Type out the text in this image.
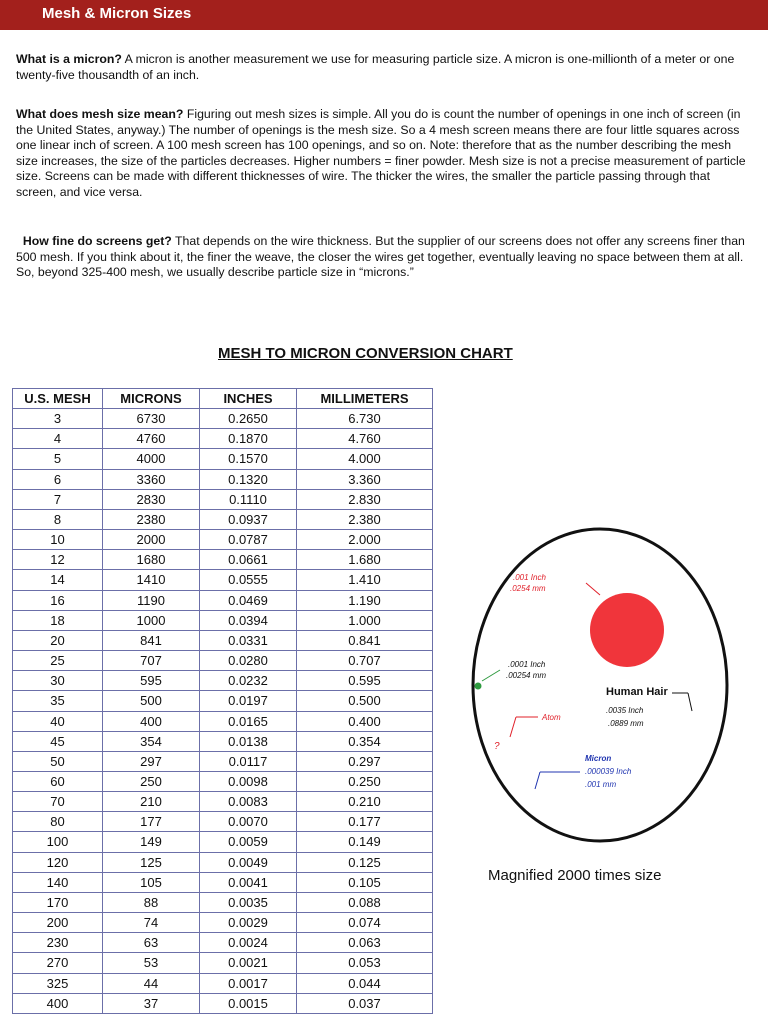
Mesh & Micron Sizes

What is a micron? A micron is another measurement we use for measuring particle size. A micron is one-millionth of a meter or one twenty-five thousandth of an inch.

What does mesh size mean? Figuring out mesh sizes is simple. All you do is count the number of openings in one inch of screen (in the United States, anyway.) The number of openings is the mesh size. So a 4 mesh screen means there are four little squares across one linear inch of screen. A 100 mesh screen has 100 openings, and so on. Note: therefore that as the number describing the mesh size increases, the size of the particles decreases. Higher numbers = finer powder. Mesh size is not a precise measurement of particle size. Screens can be made with different thicknesses of wire. The thicker the wires, the smaller the particle passing through that screen, and vice versa.

How fine do screens get? That depends on the wire thickness. But the supplier of our screens does not offer any screens finer than 500 mesh. If you think about it, the finer the weave, the closer the wires get together, eventually leaving no space between them at all. So, beyond 325-400 mesh, we usually describe particle size in “microns.”

MESH TO MICRON CONVERSION CHART
U.S. MESH	MICRONS	INCHES	MILLIMETERS
3	6730	0.2650	6.730
4	4760	0.1870	4.760
5	4000	0.1570	4.000
6	3360	0.1320	3.360
7	2830	0.1110	2.830
8	2380	0.0937	2.380
10	2000	0.0787	2.000
12	1680	0.0661	1.680
14	1410	0.0555	1.410
16	1190	0.0469	1.190
18	1000	0.0394	1.000
20	841	0.0331	0.841
25	707	0.0280	0.707
30	595	0.0232	0.595
35	500	0.0197	0.500
40	400	0.0165	0.400
45	354	0.0138	0.354
50	297	0.0117	0.297
60	250	0.0098	0.250
70	210	0.0083	0.210
80	177	0.0070	0.177
100	149	0.0059	0.149
120	125	0.0049	0.125
140	105	0.0041	0.105
170	88	0.0035	0.088
200	74	0.0029	0.074
230	63	0.0024	0.063
270	53	0.0021	0.053
325	44	0.0017	0.044
400	37	0.0015	0.037
.001 Inch
.0254 mm
.0001 Inch
.00254 mm
Human Hair
.0035 Inch
.0889 mm
Atom
?
Micron
.000039 Inch
.001 mm
Magnified 2000 times size
